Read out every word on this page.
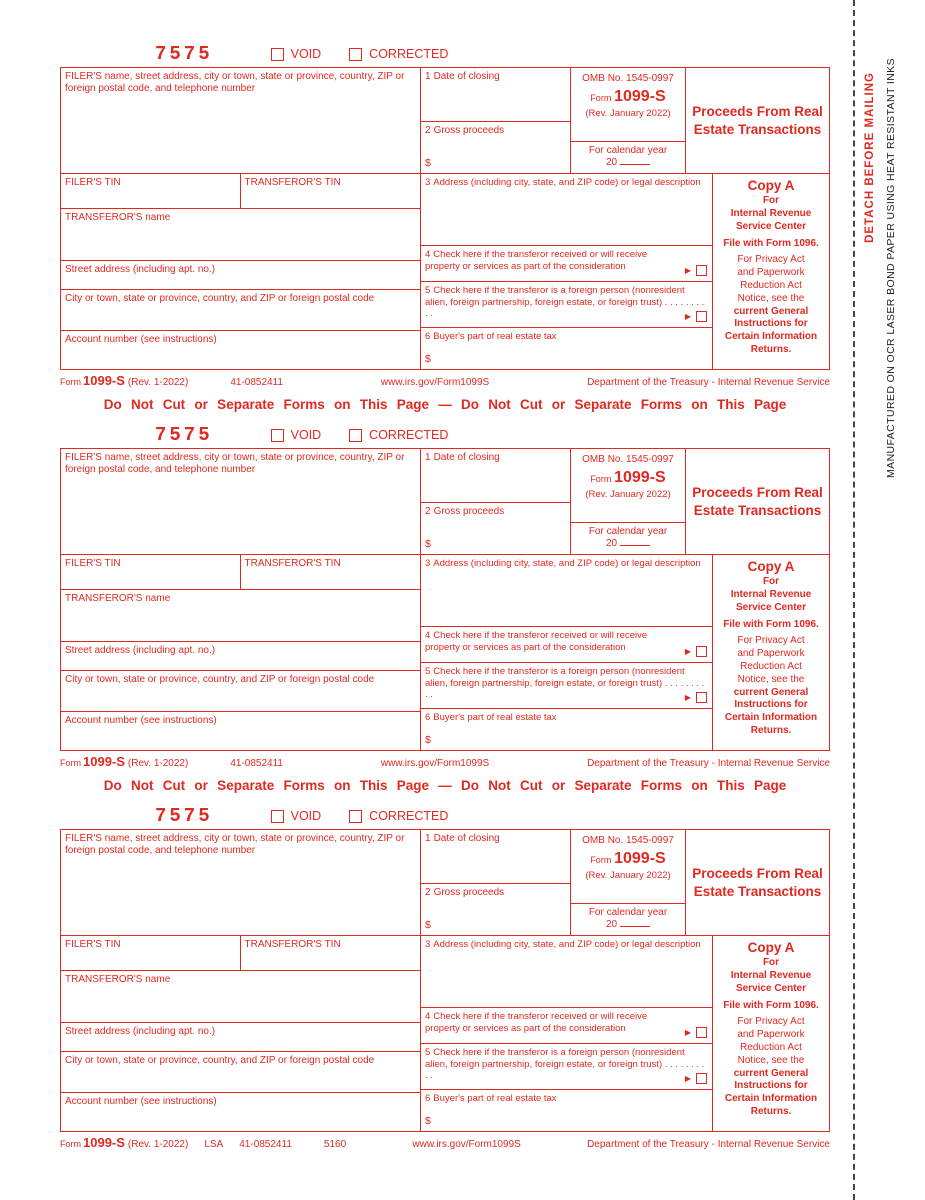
7575	VOID	CORRECTED
FILER'S name, street address, city or town, state or province, country, ZIP or foreign postal code, and telephone number
1 Date of closing
2 Gross proceeds
$
OMB No. 1545-0997
Form 1099-S
(Rev. January 2022)
For calendar year
20
Proceeds From Real Estate Transactions
FILER'S TIN	TRANSFEROR'S TIN
TRANSFEROR'S name
Street address (including apt. no.)
City or town, state or province, country, and ZIP or foreign postal code
Account number (see instructions)
3 Address (including city, state, and ZIP code) or legal description
4 Check here if the transferor received or will receive property or services as part of the consideration	▶
5 Check here if the transferor is a foreign person (nonresident alien, foreign partnership, foreign estate, or foreign trust) . . . . . . . . . .	▶
6 Buyer's part of real estate tax
$
Copy A
For
Internal Revenue
Service Center
File with Form 1096.
For Privacy Act
and Paperwork
Reduction Act
Notice, see the
current General
Instructions for
Certain Information
Returns.
Form 1099-S (Rev. 1-2022)	41-0852411	www.irs.gov/Form1099S	Department of the Treasury - Internal Revenue Service
Do Not Cut or Separate Forms on This Page — Do Not Cut or Separate Forms on This Page
7575	VOID	CORRECTED
FILER'S name, street address, city or town, state or province, country, ZIP or foreign postal code, and telephone number
1 Date of closing
2 Gross proceeds
$
OMB No. 1545-0997
Form 1099-S
(Rev. January 2022)
For calendar year
20
Proceeds From Real Estate Transactions
FILER'S TIN	TRANSFEROR'S TIN
TRANSFEROR'S name
Street address (including apt. no.)
City or town, state or province, country, and ZIP or foreign postal code
Account number (see instructions)
3 Address (including city, state, and ZIP code) or legal description
4 Check here if the transferor received or will receive property or services as part of the consideration	▶
5 Check here if the transferor is a foreign person (nonresident alien, foreign partnership, foreign estate, or foreign trust) . . . . . . . . . .	▶
6 Buyer's part of real estate tax
$
Copy A
For
Internal Revenue
Service Center
File with Form 1096.
For Privacy Act
and Paperwork
Reduction Act
Notice, see the
current General
Instructions for
Certain Information
Returns.
Form 1099-S (Rev. 1-2022)	41-0852411	www.irs.gov/Form1099S	Department of the Treasury - Internal Revenue Service
Do Not Cut or Separate Forms on This Page — Do Not Cut or Separate Forms on This Page
7575	VOID	CORRECTED
FILER'S name, street address, city or town, state or province, country, ZIP or foreign postal code, and telephone number
1 Date of closing
2 Gross proceeds
$
OMB No. 1545-0997
Form 1099-S
(Rev. January 2022)
For calendar year
20
Proceeds From Real Estate Transactions
FILER'S TIN	TRANSFEROR'S TIN
TRANSFEROR'S name
Street address (including apt. no.)
City or town, state or province, country, and ZIP or foreign postal code
Account number (see instructions)
3 Address (including city, state, and ZIP code) or legal description
4 Check here if the transferor received or will receive property or services as part of the consideration	▶
5 Check here if the transferor is a foreign person (nonresident alien, foreign partnership, foreign estate, or foreign trust) . . . . . . . . . .	▶
6 Buyer's part of real estate tax
$
Copy A
For
Internal Revenue
Service Center
File with Form 1096.
For Privacy Act
and Paperwork
Reduction Act
Notice, see the
current General
Instructions for
Certain Information
Returns.
Form 1099-S (Rev. 1-2022) LSA 41-0852411	5160	www.irs.gov/Form1099S	Department of the Treasury - Internal Revenue Service
DETACH BEFORE MAILING MANUFACTURED ON OCR LASER BOND PAPER USING HEAT RESISTANT INKS
